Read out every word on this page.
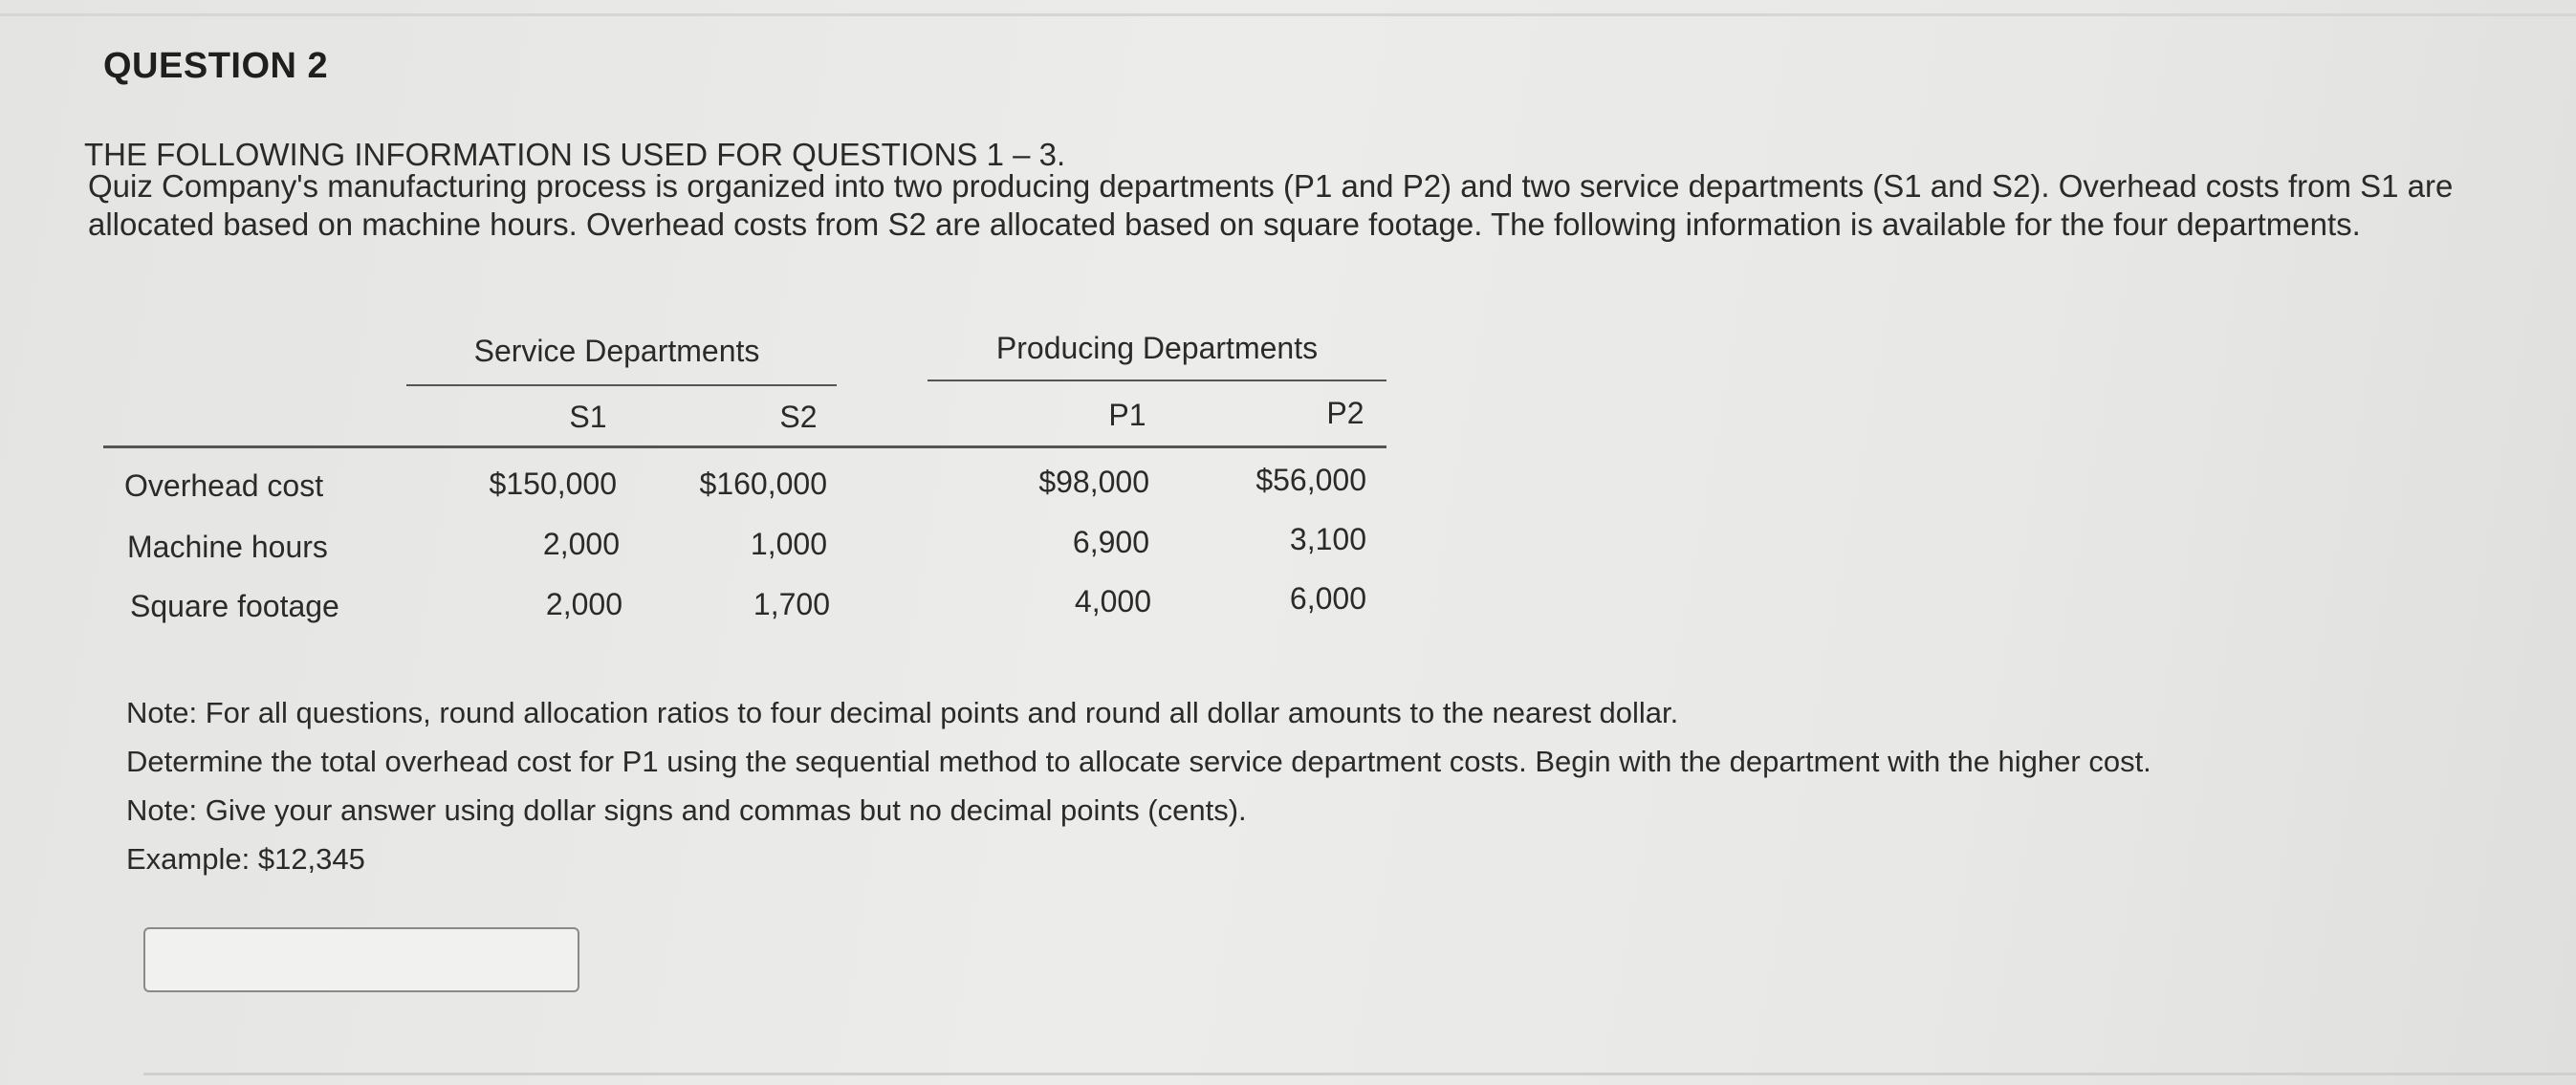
QUESTION 2
THE FOLLOWING INFORMATION IS USED FOR QUESTIONS 1 – 3.
Quiz Company's manufacturing process is organized into two producing departments (P1 and P2) and two service departments (S1 and S2). Overhead costs from S1 are allocated based on machine hours. Overhead costs from S2 are allocated based on square footage. The following information is available for the four departments.
Service Departments	Producing Departments
S1	S2	P1	P2
Overhead cost	$150,000	$160,000	$98,000	$56,000
Machine hours	2,000	1,000	6,900	3,100
Square footage	2,000	1,700	4,000	6,000
Note: For all questions, round allocation ratios to four decimal points and round all dollar amounts to the nearest dollar.
Determine the total overhead cost for P1 using the sequential method to allocate service department costs. Begin with the department with the higher cost.
Note: Give your answer using dollar signs and commas but no decimal points (cents).
Example: $12,345
